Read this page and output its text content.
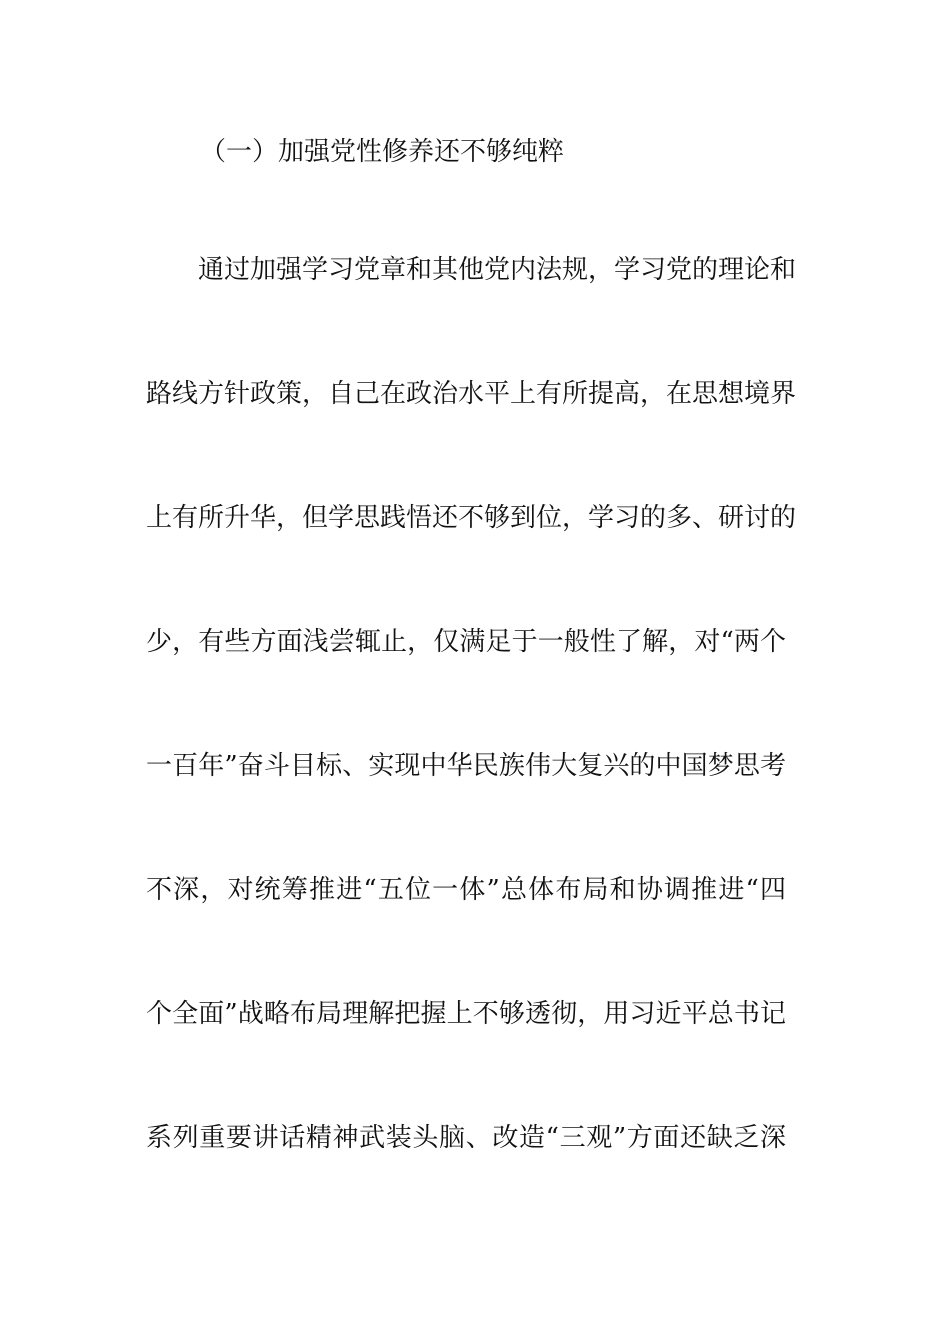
（一）加强党性修养还不够纯粹
通过加强学习党章和其他党内法规，学习党的理论和
路线方针政策，自己在政治水平上有所提高，在思想境界
上有所升华，但学思践悟还不够到位，学习的多、研讨的
少，有些方面浅尝辄止，仅满足于一般性了解，对“两个
一百年”奋斗目标、实现中华民族伟大复兴的中国梦思考
不深，对统筹推进“五位一体”总体布局和协调推进“四
个全面”战略布局理解把握上不够透彻，用习近平总书记
系列重要讲话精神武装头脑、改造“三观”方面还缺乏深
